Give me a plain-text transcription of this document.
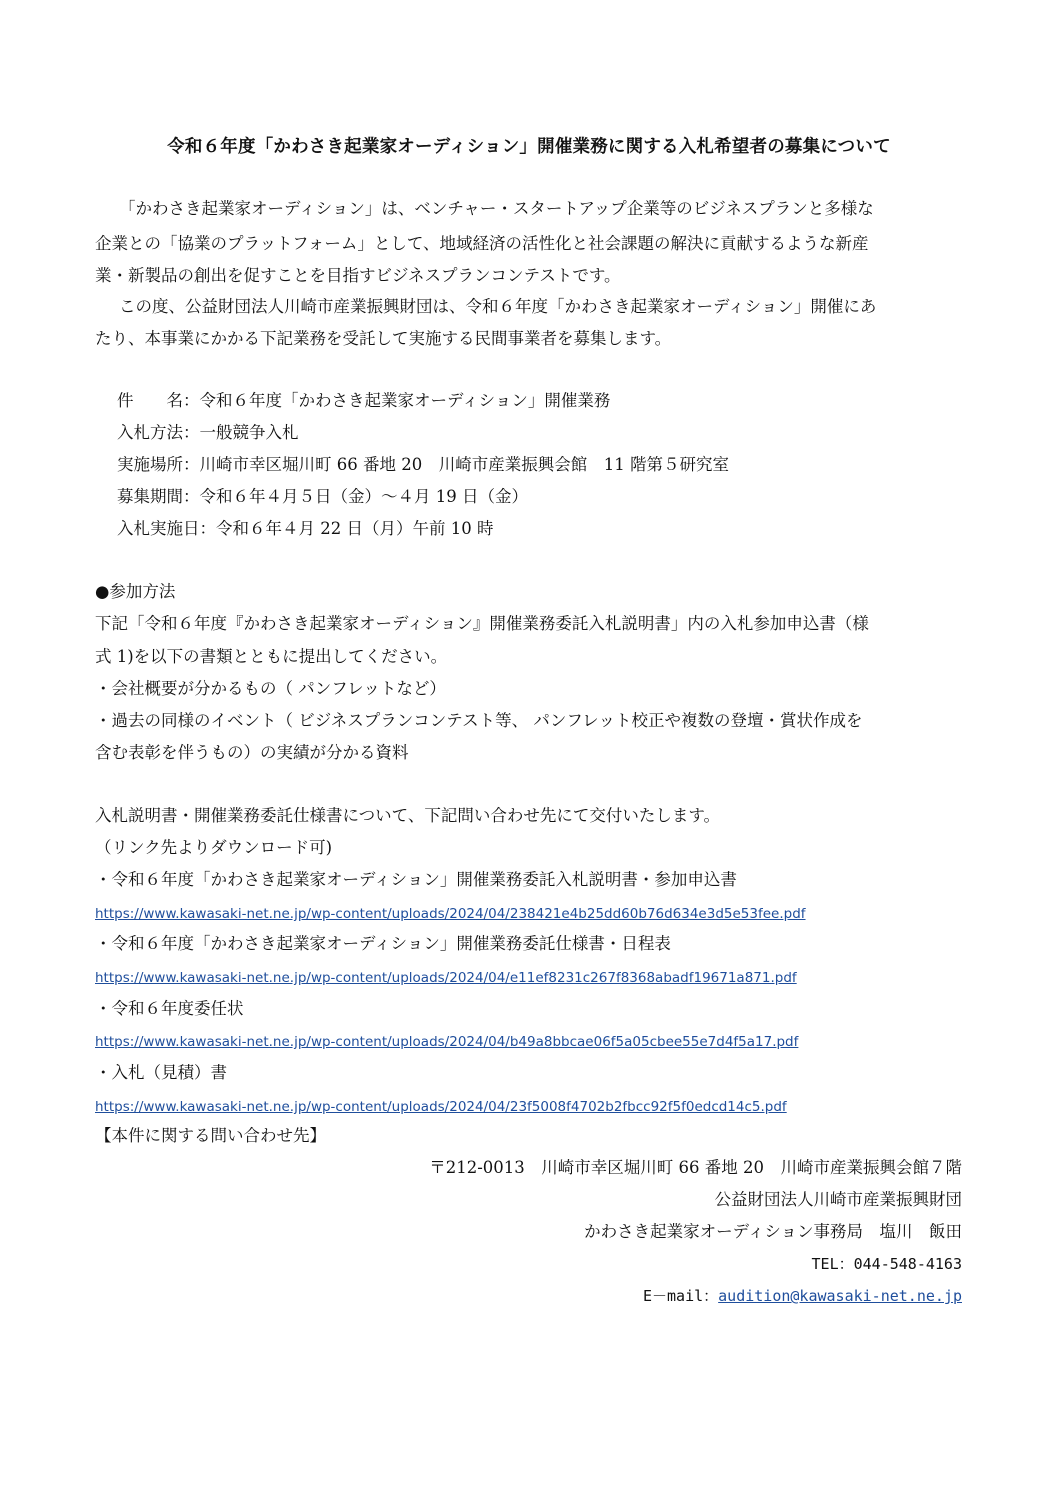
令和６年度「かわさき起業家オーディション」開催業務に関する入札希望者の募集について
「かわさき起業家オーディション」は、ベンチャー・スタートアップ企業等のビジネスプランと多様な
企業との「協業のプラットフォーム」として、地域経済の活性化と社会課題の解決に貢献するような新産
業・新製品の創出を促すことを目指すビジネスプランコンテストです。
この度、公益財団法人川崎市産業振興財団は、令和６年度「かわさき起業家オーディション」開催にあ
たり、本事業にかかる下記業務を受託して実施する民間事業者を募集します。
件　　名：令和６年度「かわさき起業家オーディション」開催業務
入札方法：一般競争入札
実施場所：川崎市幸区堀川町 66 番地 20　川崎市産業振興会館　11 階第５研究室
募集期間：令和６年４月５日（金）～４月 19 日（金）
入札実施日：令和６年４月 22 日（月）午前 10 時
●参加方法
下記「令和６年度『かわさき起業家オーディション』開催業務委託入札説明書」内の入札参加申込書（様
式 1)を以下の書類とともに提出してください。
・会社概要が分かるもの（ パンフレットなど）
・過去の同様のイベント（ ビジネスプランコンテスト等、 パンフレット校正や複数の登壇・賞状作成を
含む表彰を伴うもの）の実績が分かる資料
入札説明書・開催業務委託仕様書について、下記問い合わせ先にて交付いたします。
（リンク先よりダウンロード可)
・令和６年度「かわさき起業家オーディション」開催業務委託入札説明書・参加申込書
https://www.kawasaki-net.ne.jp/wp-content/uploads/2024/04/238421e4b25dd60b76d634e3d5e53fee.pdf
・令和６年度「かわさき起業家オーディション」開催業務委託仕様書・日程表
https://www.kawasaki-net.ne.jp/wp-content/uploads/2024/04/e11ef8231c267f8368abadf19671a871.pdf
・令和６年度委任状
https://www.kawasaki-net.ne.jp/wp-content/uploads/2024/04/b49a8bbcae06f5a05cbee55e7d4f5a17.pdf
・入札（見積）書
https://www.kawasaki-net.ne.jp/wp-content/uploads/2024/04/23f5008f4702b2fbcc92f5f0edcd14c5.pdf
【本件に関する問い合わせ先】
〒212-0013　川崎市幸区堀川町 66 番地 20　川崎市産業振興会館７階
公益財団法人川崎市産業振興財団
かわさき起業家オーディション事務局　塩川　飯田
TEL：044-548-4163
E－mail：audition@kawasaki-net.ne.jp
